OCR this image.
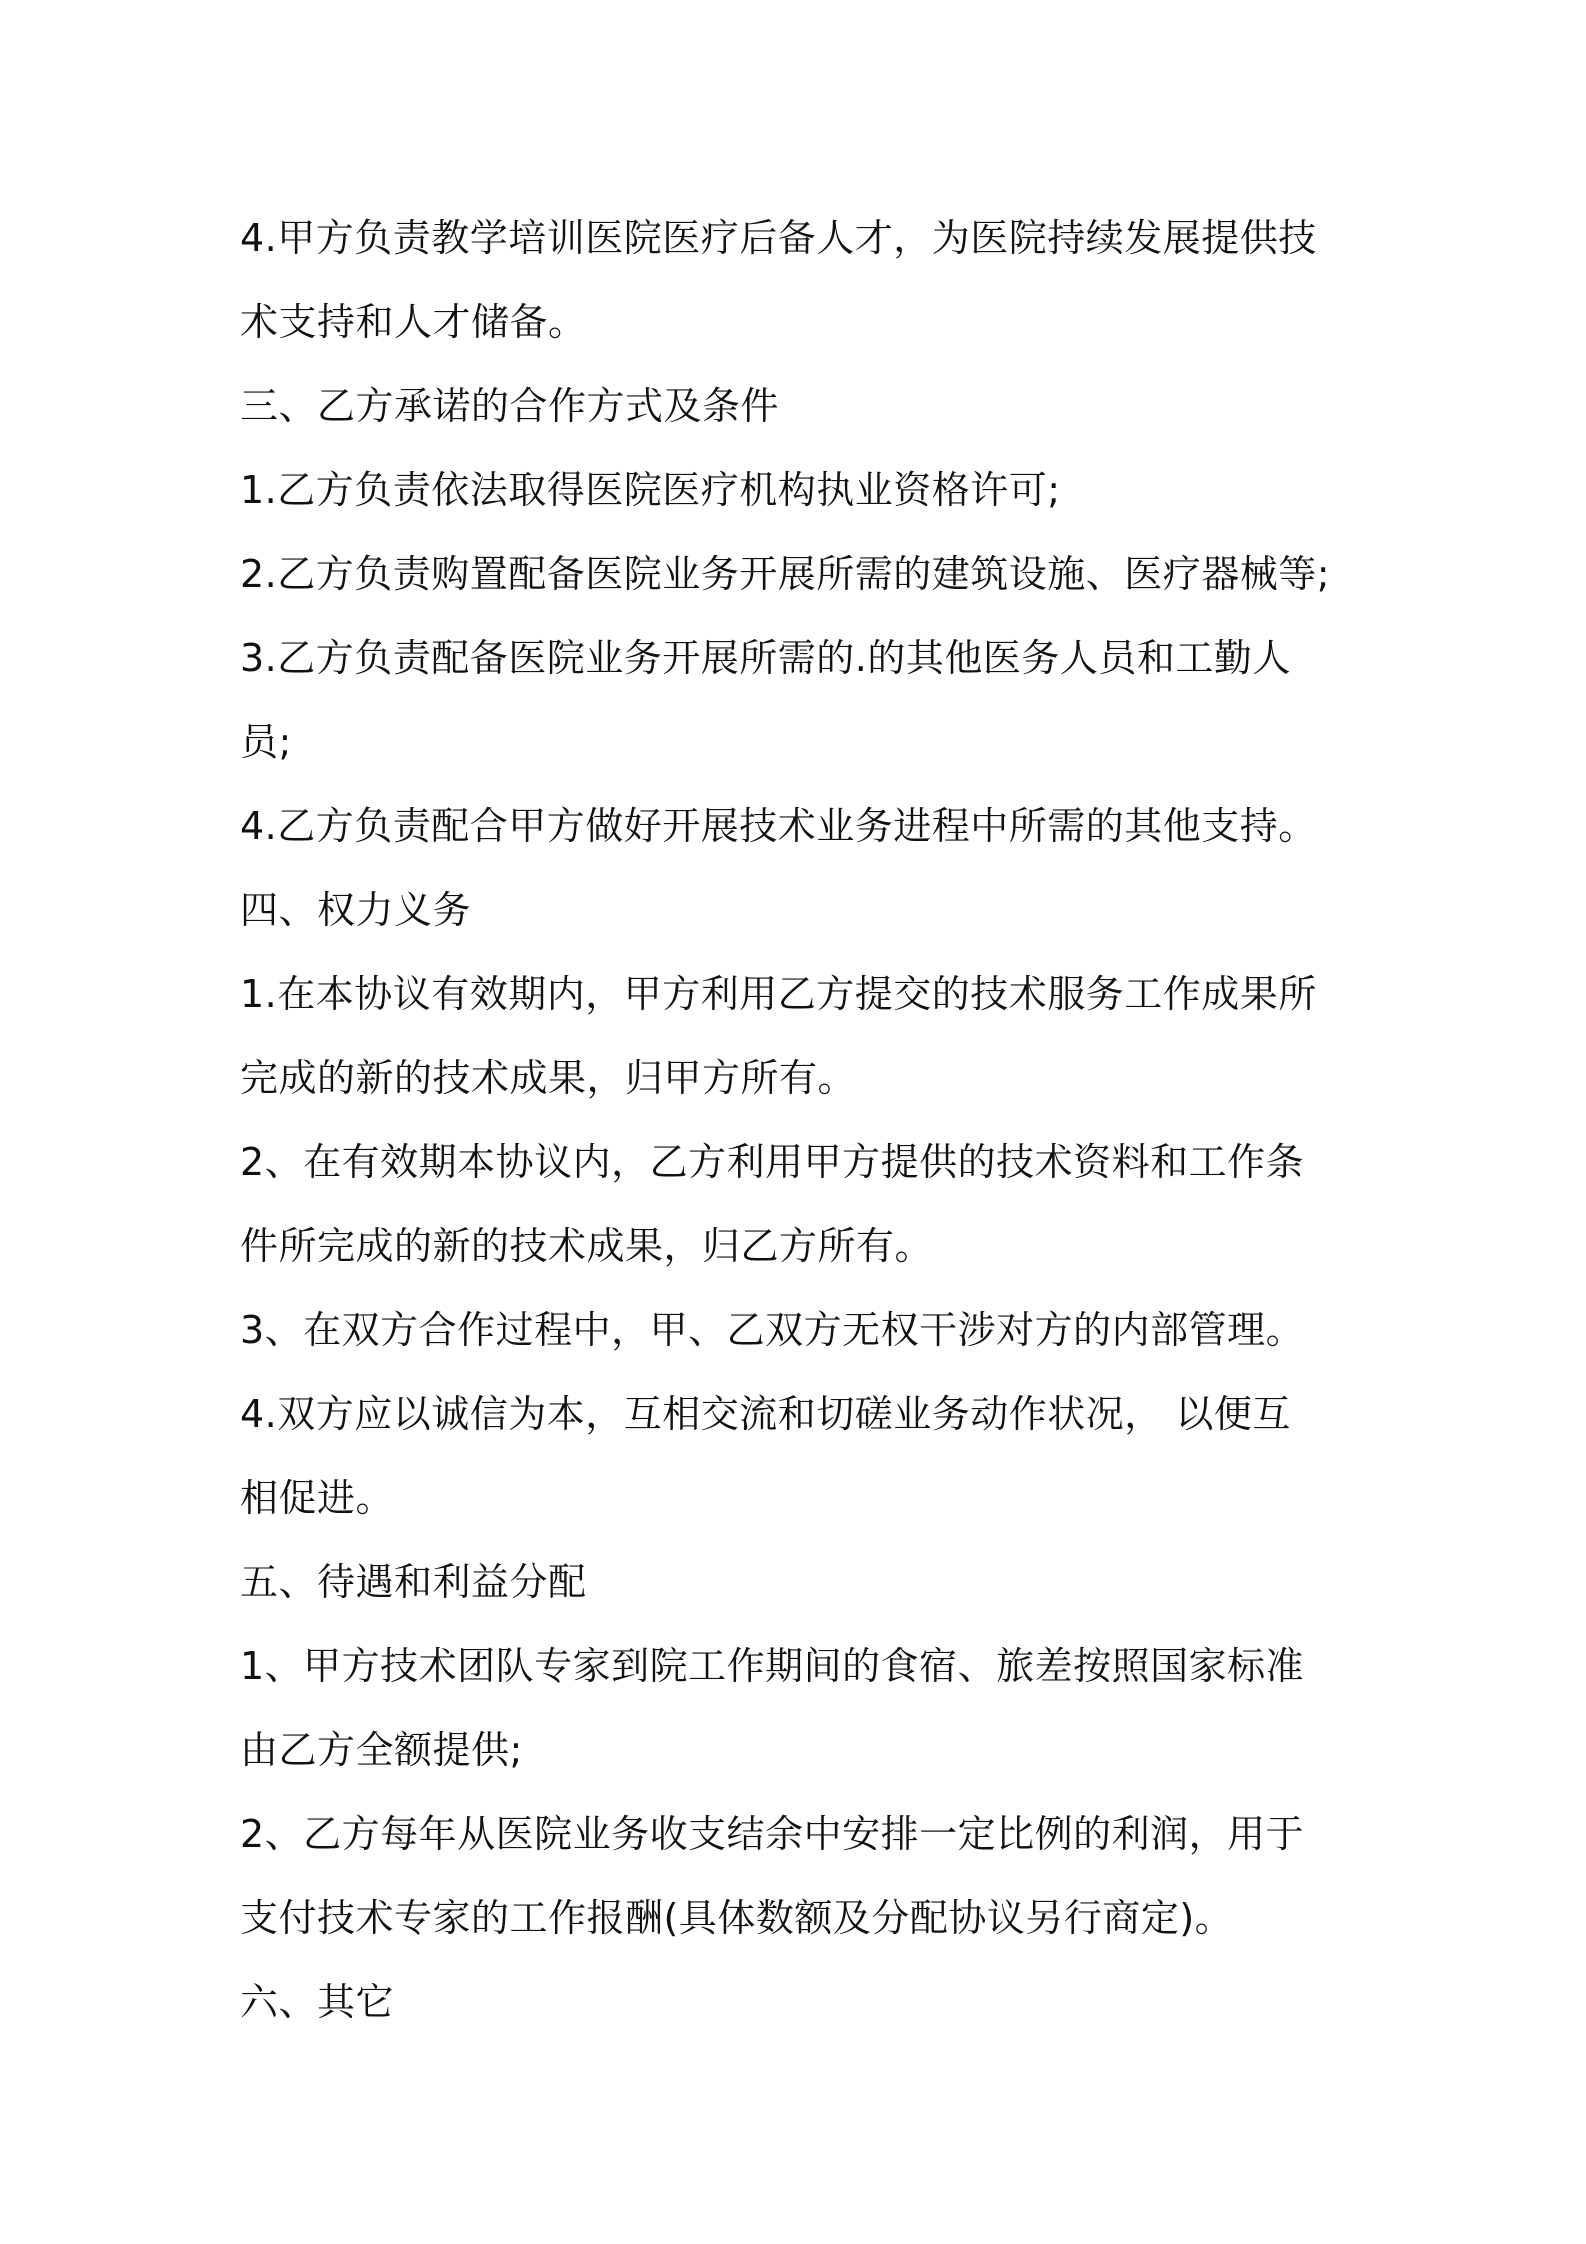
4.甲方负责教学培训医院医疗后备人才，为医院持续发展提供技
术支持和人才储备。
三、乙方承诺的合作方式及条件
1.乙方负责依法取得医院医疗机构执业资格许可;
2.乙方负责购置配备医院业务开展所需的建筑设施、医疗器械等;
3.乙方负责配备医院业务开展所需的.的其他医务人员和工勤人
员;
4.乙方负责配合甲方做好开展技术业务进程中所需的其他支持。
四、权力义务
1.在本协议有效期内，甲方利用乙方提交的技术服务工作成果所
完成的新的技术成果，归甲方所有。
2、在有效期本协议内，乙方利用甲方提供的技术资料和工作条
件所完成的新的技术成果，归乙方所有。
3、在双方合作过程中，甲、乙双方无权干涉对方的内部管理。
4.双方应以诚信为本，互相交流和切磋业务动作状况， 以便互
相促进。
五、待遇和利益分配
1、甲方技术团队专家到院工作期间的食宿、旅差按照国家标准
由乙方全额提供;
2、乙方每年从医院业务收支结余中安排一定比例的利润，用于
支付技术专家的工作报酬(具体数额及分配协议另行商定)。
六、其它
